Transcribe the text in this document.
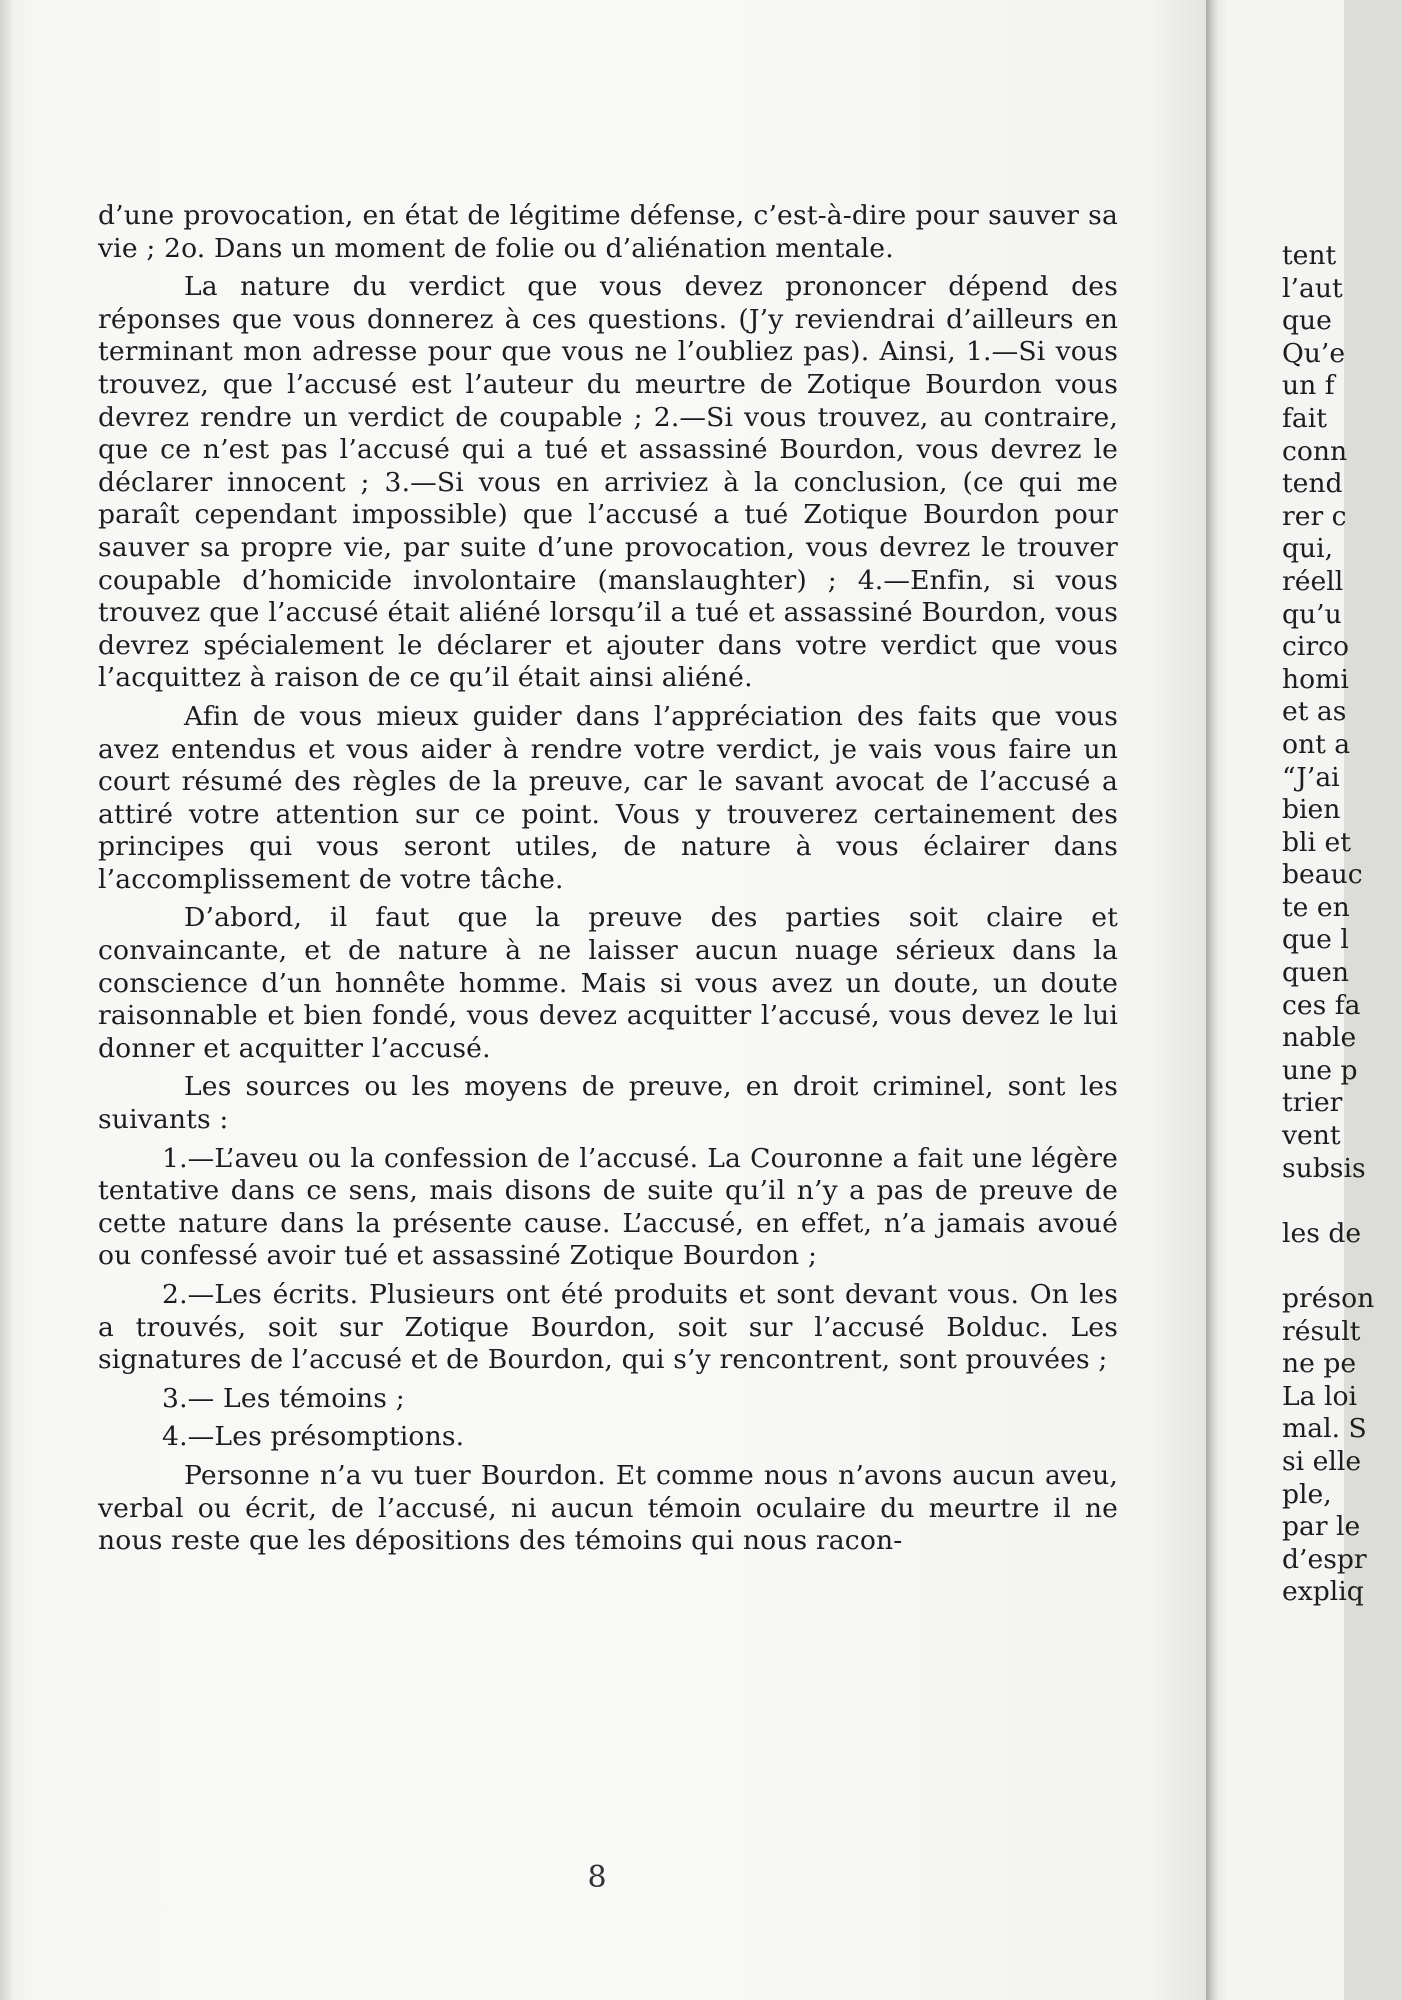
d’une provocation, en état de légitime défense, c’est-à-dire pour sauver sa vie ; 2o. Dans un moment de folie ou d’aliénation mentale.

La nature du verdict que vous devez prononcer dépend des réponses que vous donnerez à ces questions. (J’y reviendrai d’ailleurs en terminant mon adresse pour que vous ne l’oubliez pas). Ainsi, 1.—Si vous trouvez, que l’accusé est l’auteur du meurtre de Zotique Bourdon vous devrez rendre un verdict de coupable ; 2.—Si vous trouvez, au contraire, que ce n’est pas l’accusé qui a tué et assassiné Bourdon, vous devrez le déclarer innocent ; 3.—Si vous en arriviez à la conclusion, (ce qui me paraît cependant impossible) que l’accusé a tué Zotique Bourdon pour sauver sa propre vie, par suite d’une provocation, vous devrez le trouver coupable d’homicide involontaire (manslaughter) ; 4.—Enfin, si vous trouvez que l’accusé était aliéné lorsqu’il a tué et assassiné Bourdon, vous devrez spécialement le déclarer et ajouter dans votre verdict que vous l’acquittez à raison de ce qu’il était ainsi aliéné.

Afin de vous mieux guider dans l’appréciation des faits que vous avez entendus et vous aider à rendre votre verdict, je vais vous faire un court résumé des règles de la preuve, car le savant avocat de l’accusé a attiré votre attention sur ce point. Vous y trouverez certainement des principes qui vous seront utiles, de nature à vous éclairer dans l’accomplissement de votre tâche.

D’abord, il faut que la preuve des parties soit claire et convaincante, et de nature à ne laisser aucun nuage sérieux dans la conscience d’un honnête homme. Mais si vous avez un doute, un doute raisonnable et bien fondé, vous devez acquitter l’accusé, vous devez le lui donner et acquitter l’accusé.

Les sources ou les moyens de preuve, en droit criminel, sont les suivants :

1.—L’aveu ou la confession de l’accusé. La Couronne a fait une légère tentative dans ce sens, mais disons de suite qu’il n’y a pas de preuve de cette nature dans la présente cause. L’accusé, en effet, n’a jamais avoué ou confessé avoir tué et assassiné Zotique Bourdon ;

2.—Les écrits. Plusieurs ont été produits et sont devant vous. On les a trouvés, soit sur Zotique Bourdon, soit sur l’accusé Bolduc. Les signatures de l’accusé et de Bourdon, qui s’y rencontrent, sont prouvées ;

3.— Les témoins ;

4.—Les présomptions.

Personne n’a vu tuer Bourdon. Et comme nous n’avons aucun aveu, verbal ou écrit, de l’accusé, ni aucun témoin oculaire du meurtre il ne nous reste que les dépositions des témoins qui nous racon-

8
tent
l’aut
que
Qu’e
un f
fait
conn
tend
rer c
qui,
réell
qu’u
circo
homi
et as
ont a
“J’ai
bien
bli et
beauc
te en
que l
quen
ces fa
nable
une p
trier
vent
subsis
les de
préson
résult
ne pe
La loi
mal. S
si elle
ple,
par le
d’espr
expliq
